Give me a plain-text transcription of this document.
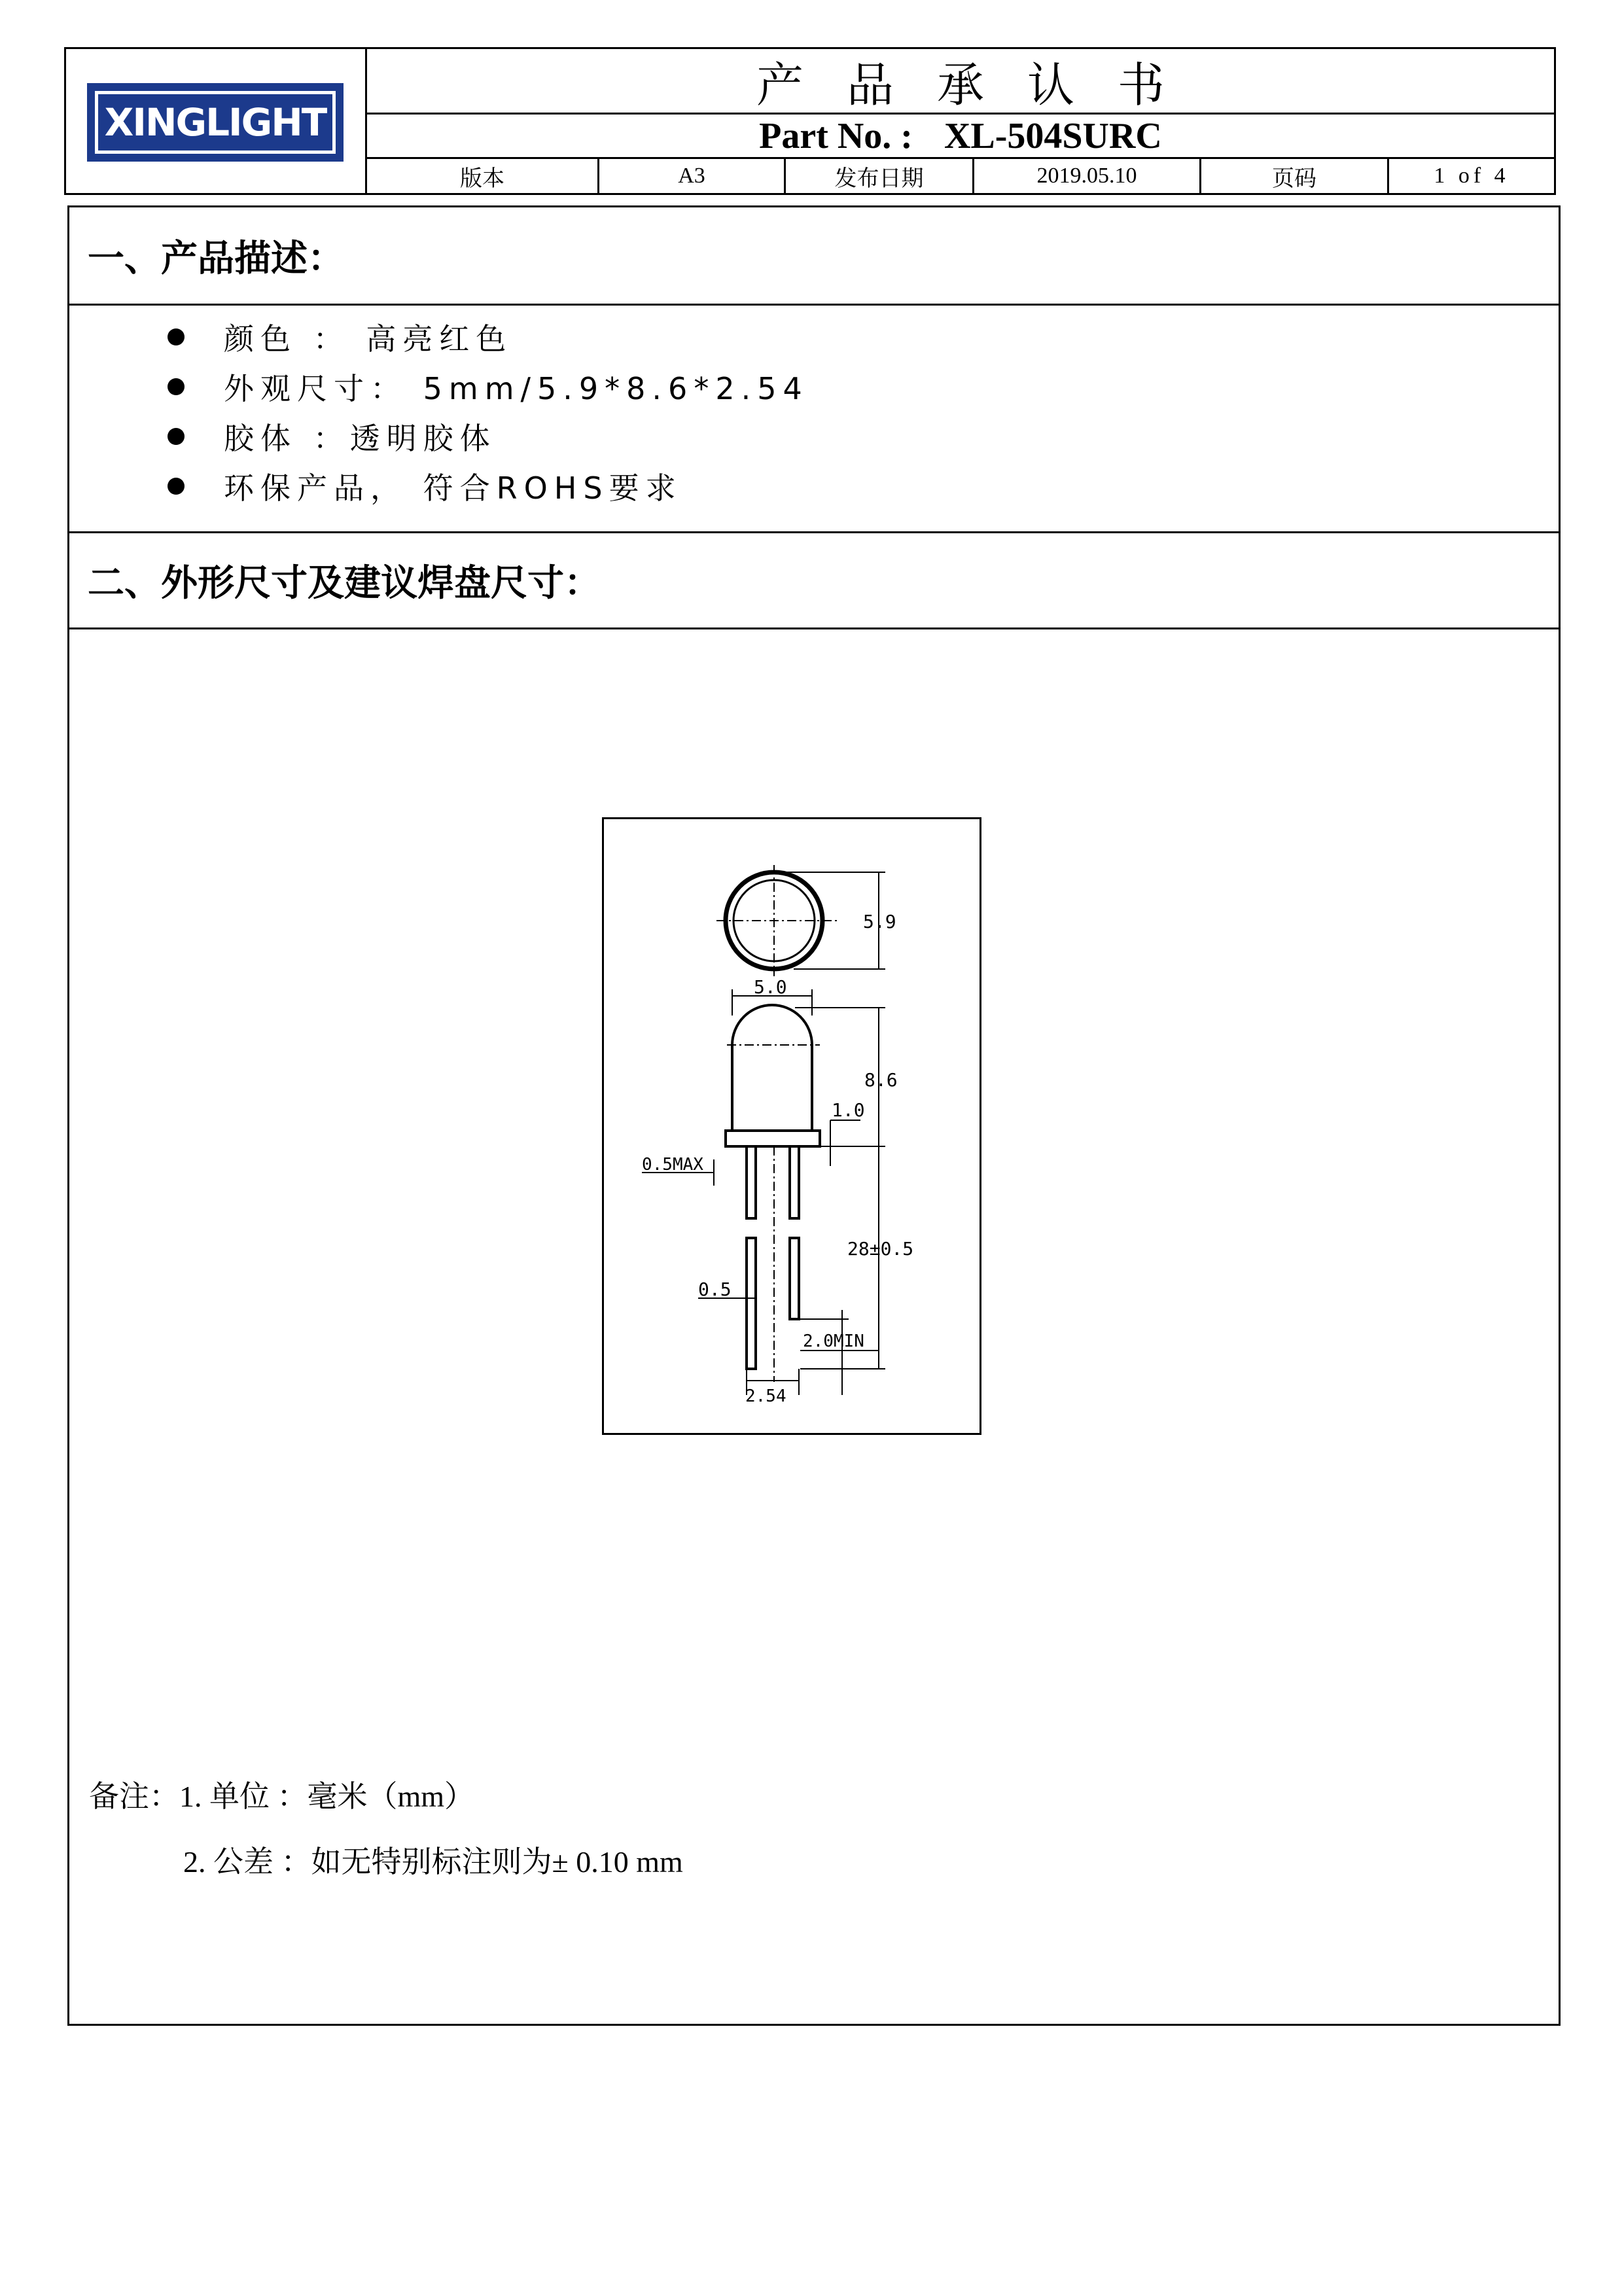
XINGLIGHT
产品承认书
Part No. : XL-504SURC
版本	A3	发布日期	2019.05.10	页码	1 of 4
一、产品描述：
颜色 ： 高亮红色
外观尺寸： 5mm/5.9*8.6*2.54
胶体 ：透明胶体
环保产品， 符合ROHS要求
二、外形尺寸及建议焊盘尺寸：
5.9
5.0
8.6
1.0
0.5MAX
28±0.5
0.5
2.0MIN
2.54
备注： 1. 单位 ：毫米（mm）
2. 公差 ：如无特别标注则为± 0.10 mm
